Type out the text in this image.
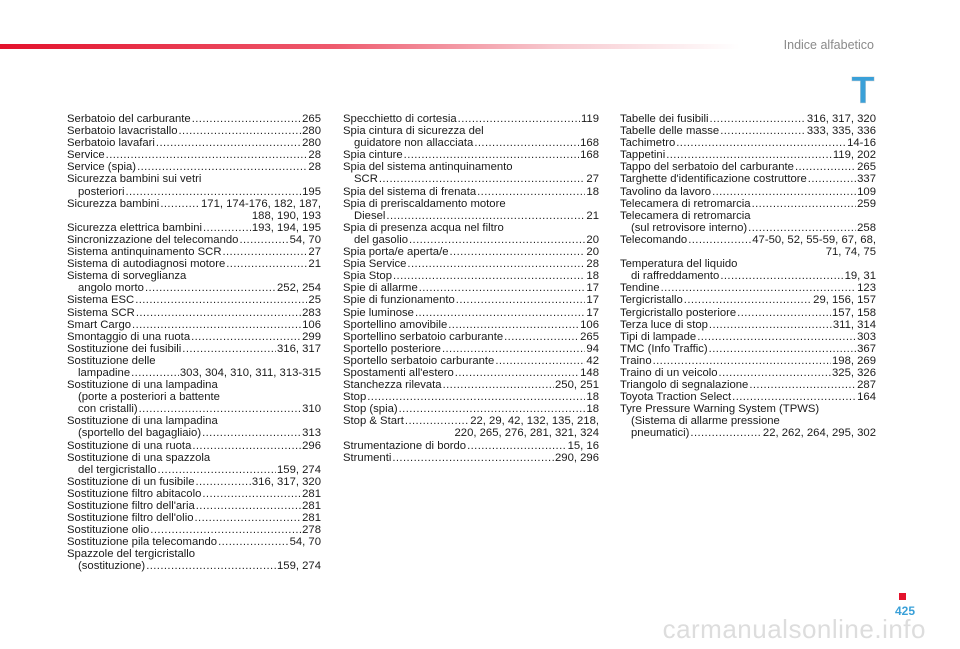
Indice alfabetico
T
Serbatoio del carburante .....	265
Serbatoio lavacristallo .....	280
Serbatoio lavafari .....	280
Service .....	28
Service (spia) .....	28
Sicurezza bambini sui vetri
posteriori .....	195
Sicurezza bambini .....	171, 174-176, 182, 187,
188, 190, 193
Sicurezza elettrica bambini .....	193, 194, 195
Sincronizzazione del telecomando .....	54, 70
Sistema antinquinamento SCR .....	27
Sistema di autodiagnosi motore .....	21
Sistema di sorveglianza
angolo morto .....	252, 254
Sistema ESC .....	25
Sistema SCR .....	283
Smart Cargo .....	106
Smontaggio di una ruota .....	299
Sostituzione dei fusibili .....	316, 317
Sostituzione delle
lampadine .....	303, 304, 310, 311, 313-315
Sostituzione di una lampadina
(porte a posteriori a battente
con cristalli) .....	310
Sostituzione di una lampadina
(sportello del bagagliaio) .....	313
Sostituzione di una ruota .....	296
Sostituzione di una spazzola
del tergicristallo .....	159, 274
Sostituzione di un fusibile .....	316, 317, 320
Sostituzione filtro abitacolo .....	281
Sostituzione filtro dell'aria .....	281
Sostituzione filtro dell'olio .....	281
Sostituzione olio .....	278
Sostituzione pila telecomando .....	54, 70
Spazzole del tergicristallo
(sostituzione) .....	159, 274
Specchietto di cortesia .....	119
Spia cintura di sicurezza del
guidatore non allacciata .....	168
Spia cinture .....	168
Spia del sistema antinquinamento
SCR .....	27
Spia del sistema di frenata .....	18
Spia di preriscaldamento motore
Diesel .....	21
Spia di presenza acqua nel filtro
del gasolio .....	20
Spia porta/e aperta/e .....	20
Spia Service .....	28
Spia Stop .....	18
Spie di allarme .....	17
Spie di funzionamento .....	17
Spie luminose .....	17
Sportellino amovibile .....	106
Sportellino serbatoio carburante .....	265
Sportello posteriore .....	94
Sportello serbatoio carburante .....	42
Spostamenti all'estero .....	148
Stanchezza rilevata .....	250, 251
Stop .....	18
Stop (spia) .....	18
Stop & Start .....	22, 29, 42, 132, 135, 218,
220, 265, 276, 281, 321, 324
Strumentazione di bordo .....	15, 16
Strumenti .....	290, 296
Tabelle dei fusibili .....	316, 317, 320
Tabelle delle masse .....	333, 335, 336
Tachimetro .....	14-16
Tappetini .....	119, 202
Tappo del serbatoio del carburante .....	265
Targhette d'identificazione costruttore .....	337
Tavolino da lavoro .....	109
Telecamera di retromarcia .....	259
Telecamera di retromarcia
(sul retrovisore interno) .....	258
Telecomando .....	47-50, 52, 55-59, 67, 68,
71, 74, 75
Temperatura del liquido
di raffreddamento .....	19, 31
Tendine .....	123
Tergicristallo .....	29, 156, 157
Tergicristallo posteriore .....	157, 158
Terza luce di stop .....	311, 314
Tipi di lampade .....	303
TMC (Info Traffic) .....	367
Traino .....	198, 269
Traino di un veicolo .....	325, 326
Triangolo di segnalazione .....	287
Toyota Traction Select .....	164
Tyre Pressure Warning System (TPWS)
(Sistema di allarme pressione
pneumatici) .....	22, 262, 264, 295, 302
425
carmanualsonline.info
